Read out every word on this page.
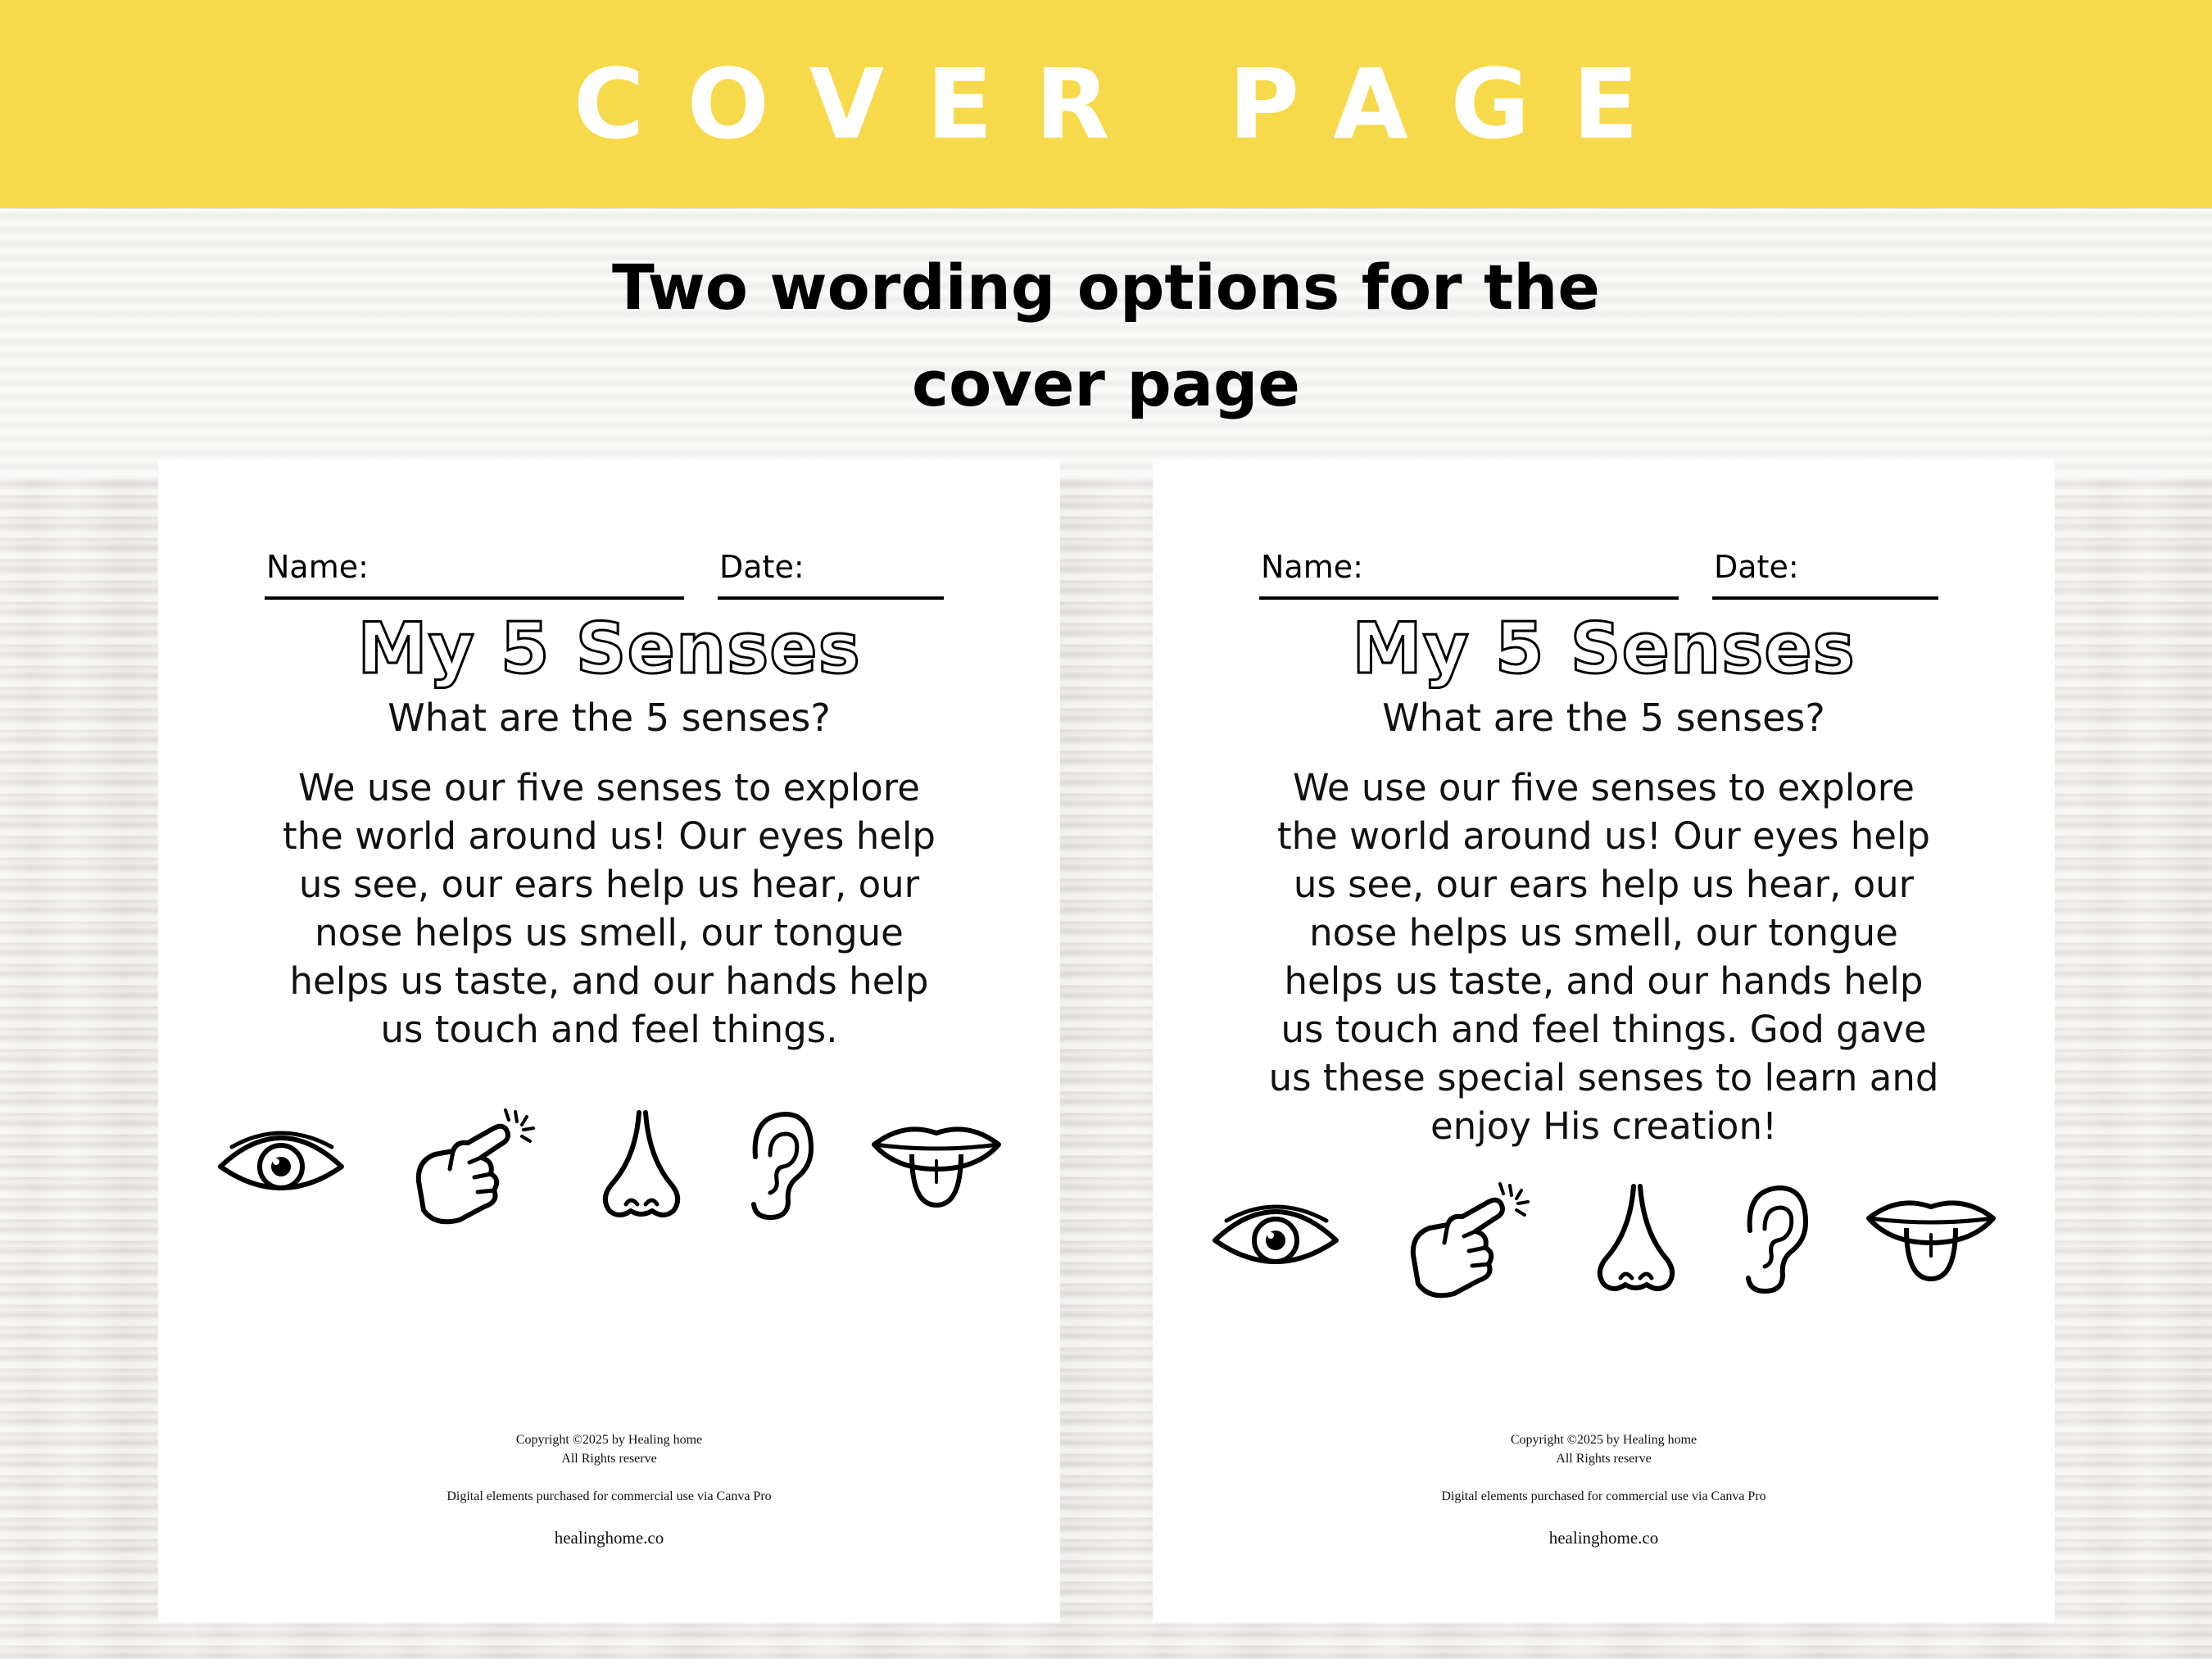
COVER PAGE
Two wording options for the
cover page
Name:	Date:
My 5 Senses
What are the 5 senses?
We use our five senses to explore
the world around us! Our eyes help
us see, our ears help us hear, our
nose helps us smell, our tongue
helps us taste, and our hands help
us touch and feel things.
Copyright ©2025 by Healing home
All Rights reserve
Digital elements purchased for commercial use via Canva Pro
healinghome.co
Name:	Date:
My 5 Senses
What are the 5 senses?
We use our five senses to explore
the world around us! Our eyes help
us see, our ears help us hear, our
nose helps us smell, our tongue
helps us taste, and our hands help
us touch and feel things. God gave
us these special senses to learn and
enjoy His creation!
Copyright ©2025 by Healing home
All Rights reserve
Digital elements purchased for commercial use via Canva Pro
healinghome.co
